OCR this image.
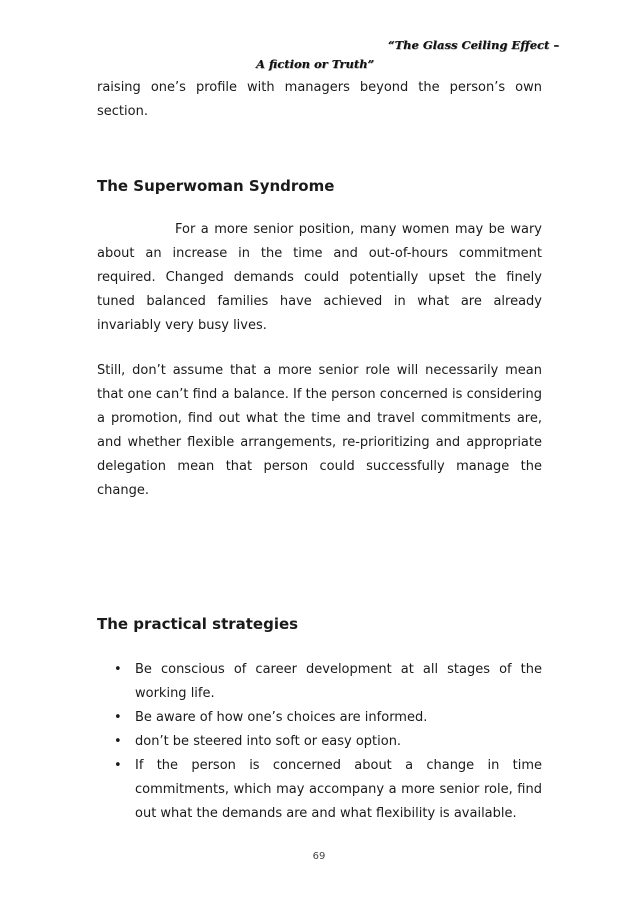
“The Glass Ceiling Effect –
A fiction or Truth”

raising one’s profile with managers beyond the person’s own section.

The Superwoman Syndrome

For a more senior position, many women may be wary about an increase in the time and out-of-hours commitment required. Changed demands could potentially upset the finely tuned balanced families have achieved in what are already invariably very busy lives.

Still, don’t assume that a more senior role will necessarily mean that one can’t find a balance. If the person concerned is considering a promotion, find out what the time and travel commitments are, and whether flexible arrangements, re-prioritizing and appropriate delegation mean that person could successfully manage the change.

The practical strategies
• Be conscious of career development at all stages of the working life.
• Be aware of how one’s choices are informed.
• don’t be steered into soft or easy option.
• If the person is concerned about a change in time commitments, which may accompany a more senior role, find out what the demands are and what flexibility is available.
69
